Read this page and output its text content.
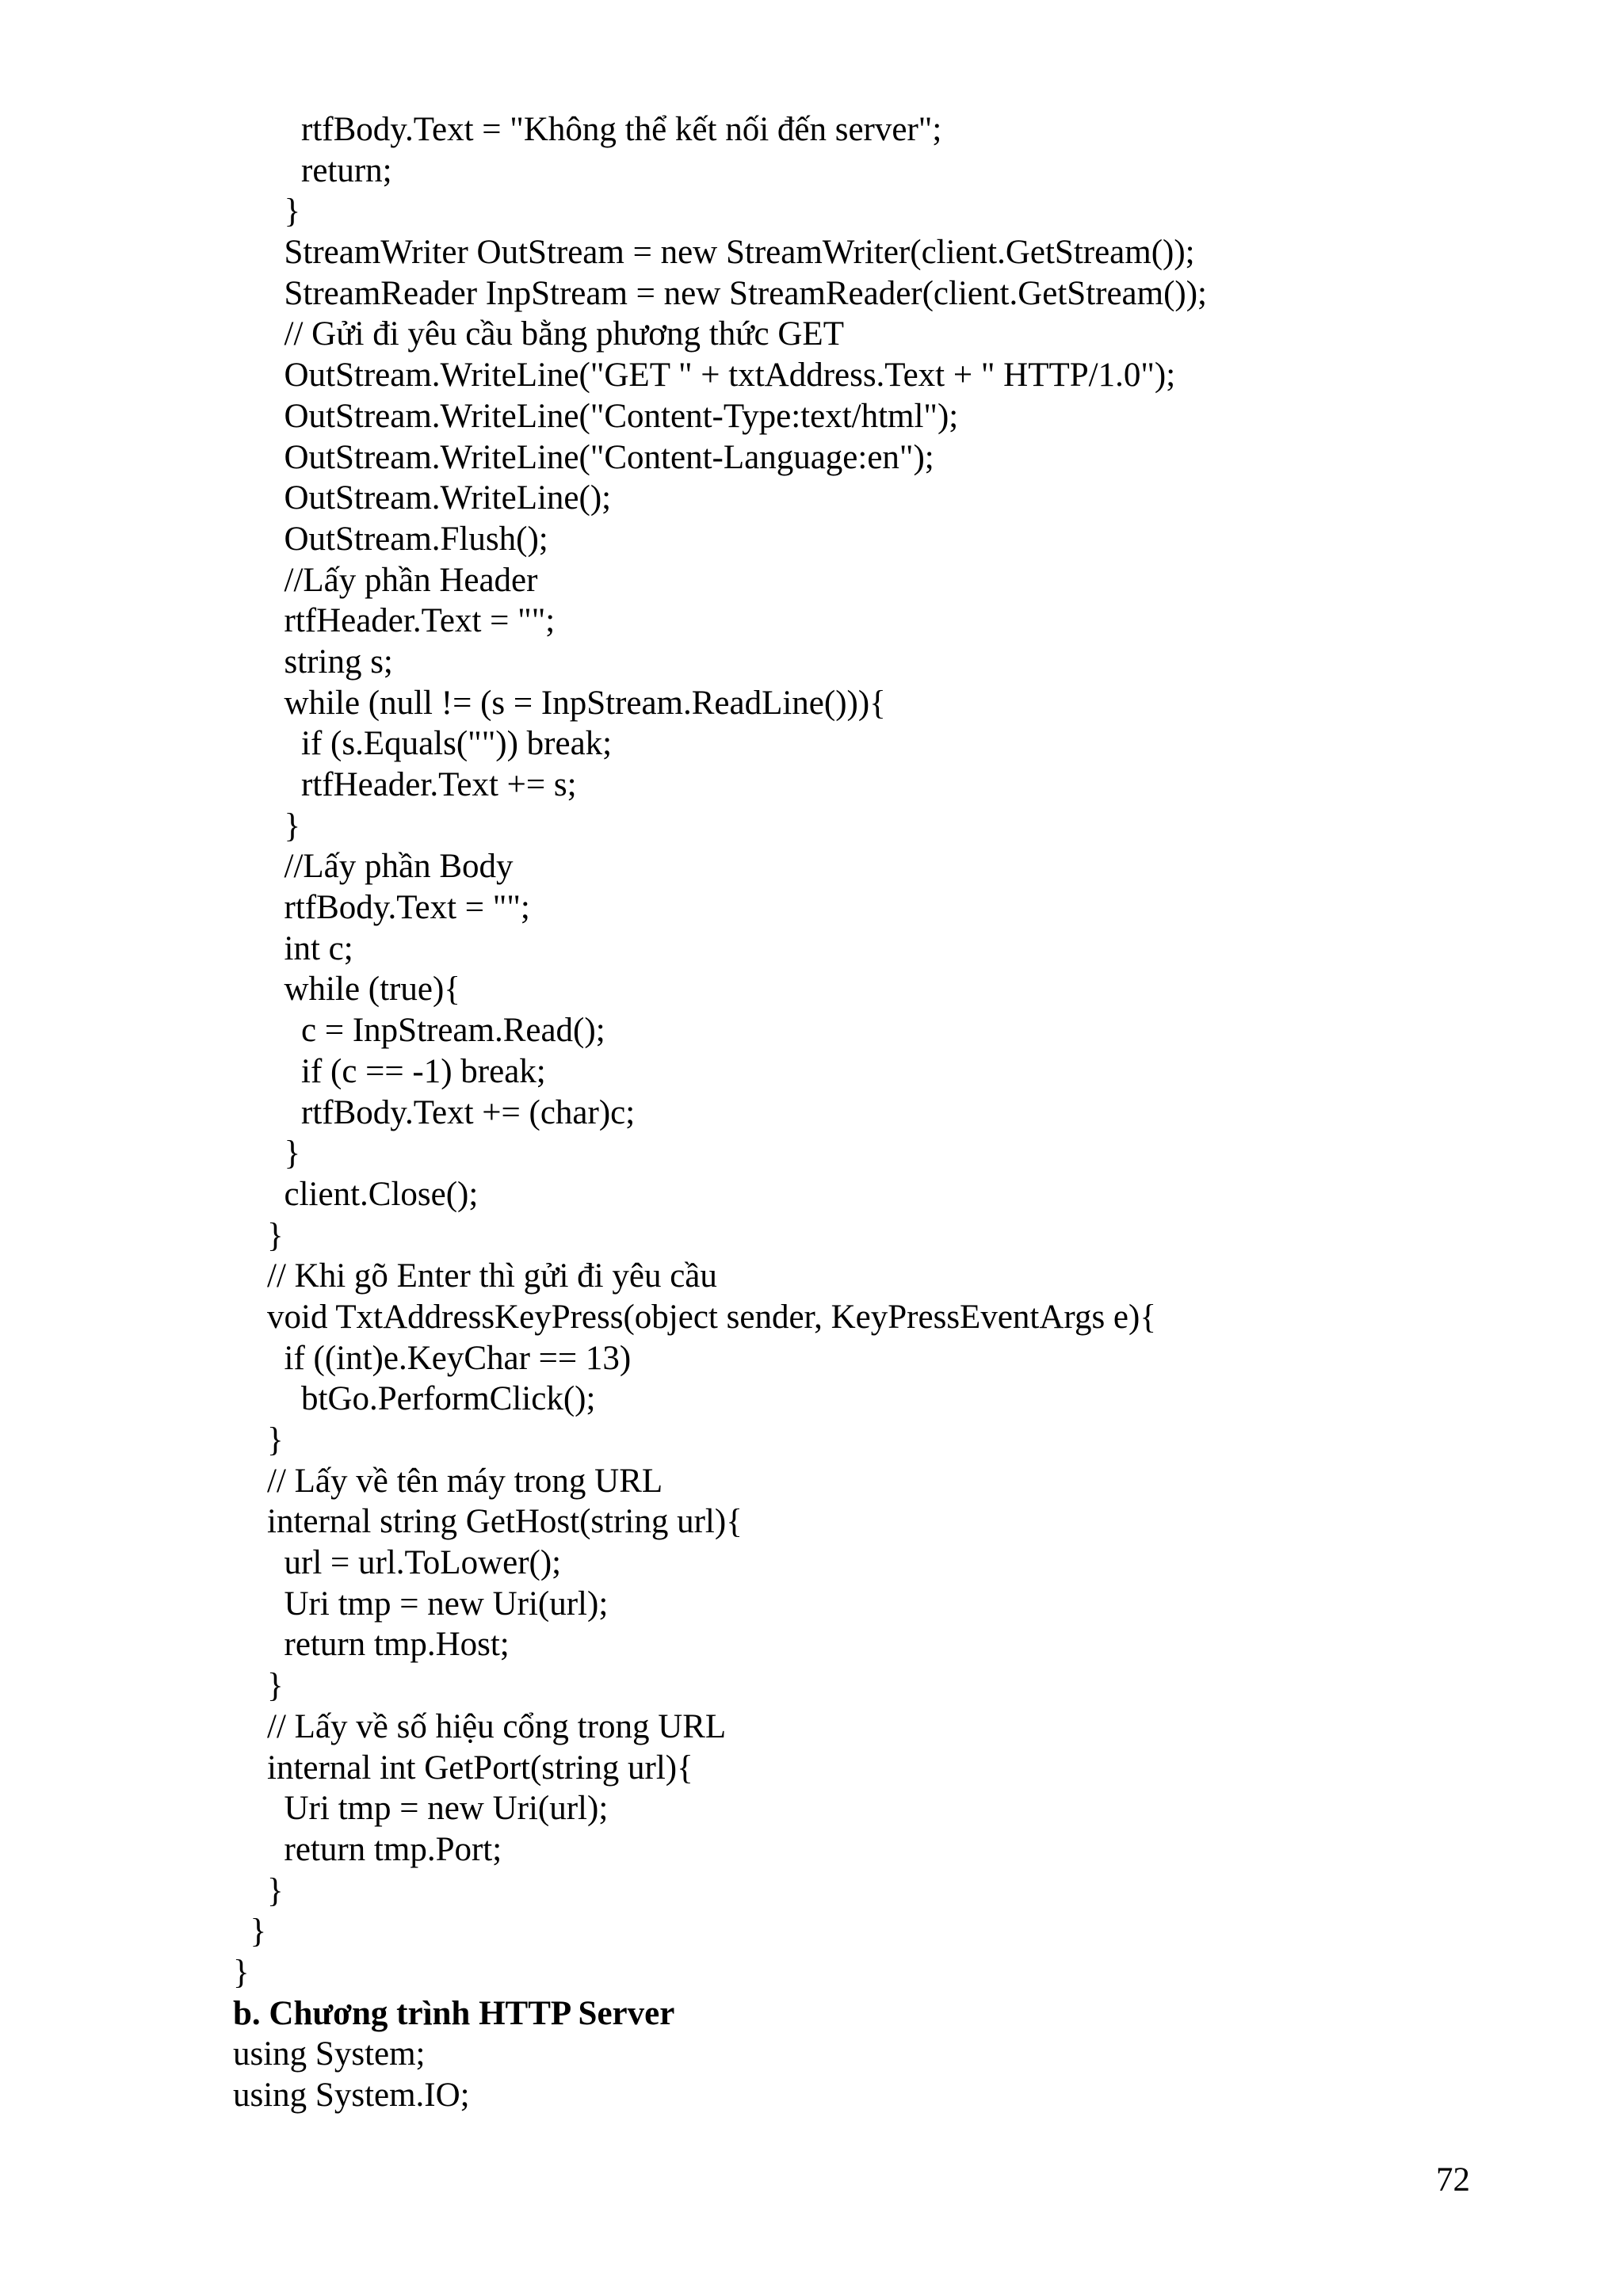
rtfBody.Text = "Không thể kết nối đến server";
return;
}
StreamWriter OutStream = new StreamWriter(client.GetStream());
StreamReader InpStream = new StreamReader(client.GetStream());
// Gửi đi yêu cầu bằng phương thức GET
OutStream.WriteLine("GET " + txtAddress.Text + " HTTP/1.0");
OutStream.WriteLine("Content-Type:text/html");
OutStream.WriteLine("Content-Language:en");
OutStream.WriteLine();
OutStream.Flush();
//Lấy phần Header
rtfHeader.Text = "";
string s;
while (null != (s = InpStream.ReadLine())){
if (s.Equals("")) break;
rtfHeader.Text += s;
}
//Lấy phần Body
rtfBody.Text = "";
int c;
while (true){
c = InpStream.Read();
if (c == -1) break;
rtfBody.Text += (char)c;
}
client.Close();
}
// Khi gõ Enter thì gửi đi yêu cầu
void TxtAddressKeyPress(object sender, KeyPressEventArgs e){
if ((int)e.KeyChar == 13)
btGo.PerformClick();
}
// Lấy về tên máy trong URL
internal string GetHost(string url){
url = url.ToLower();
Uri tmp = new Uri(url);
return tmp.Host;
}
// Lấy về số hiệu cổng trong URL
internal int GetPort(string url){
Uri tmp = new Uri(url);
return tmp.Port;
}
}
}
b. Chương trình HTTP Server
using System;
using System.IO;
72
